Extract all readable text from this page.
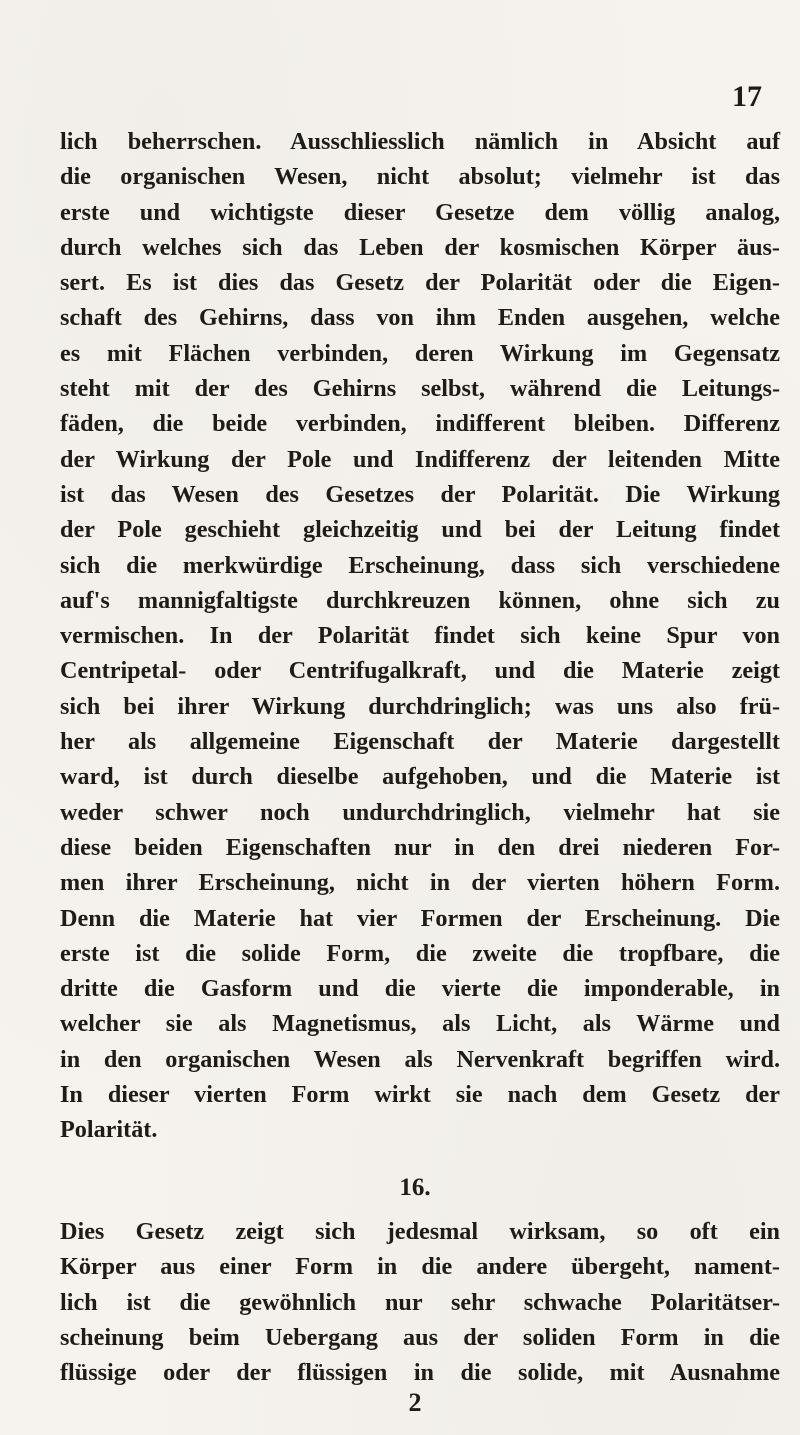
17
lich beherrschen. Ausschliesslich nämlich in Absicht auf
die organischen Wesen, nicht absolut; vielmehr ist das
erste und wichtigste dieser Gesetze dem völlig analog,
durch welches sich das Leben der kosmischen Körper äus-
sert. Es ist dies das Gesetz der Polarität oder die Eigen-
schaft des Gehirns, dass von ihm Enden ausgehen, welche
es mit Flächen verbinden, deren Wirkung im Gegensatz
steht mit der des Gehirns selbst, während die Leitungs-
fäden, die beide verbinden, indifferent bleiben. Differenz
der Wirkung der Pole und Indifferenz der leitenden Mitte
ist das Wesen des Gesetzes der Polarität. Die Wirkung
der Pole geschieht gleichzeitig und bei der Leitung findet
sich die merkwürdige Erscheinung, dass sich verschiedene
auf's mannigfaltigste durchkreuzen können, ohne sich zu
vermischen. In der Polarität findet sich keine Spur von
Centripetal- oder Centrifugalkraft, und die Materie zeigt
sich bei ihrer Wirkung durchdringlich; was uns also frü-
her als allgemeine Eigenschaft der Materie dargestellt
ward, ist durch dieselbe aufgehoben, und die Materie ist
weder schwer noch undurchdringlich, vielmehr hat sie
diese beiden Eigenschaften nur in den drei niederen For-
men ihrer Erscheinung, nicht in der vierten höhern Form.
Denn die Materie hat vier Formen der Erscheinung. Die
erste ist die solide Form, die zweite die tropfbare, die
dritte die Gasform und die vierte die imponderable, in
welcher sie als Magnetismus, als Licht, als Wärme und
in den organischen Wesen als Nervenkraft begriffen wird.
In dieser vierten Form wirkt sie nach dem Gesetz der
Polarität.
16.
Dies Gesetz zeigt sich jedesmal wirksam, so oft ein
Körper aus einer Form in die andere übergeht, nament-
lich ist die gewöhnlich nur sehr schwache Polaritätser-
scheinung beim Uebergang aus der soliden Form in die
flüssige oder der flüssigen in die solide, mit Ausnahme
2
